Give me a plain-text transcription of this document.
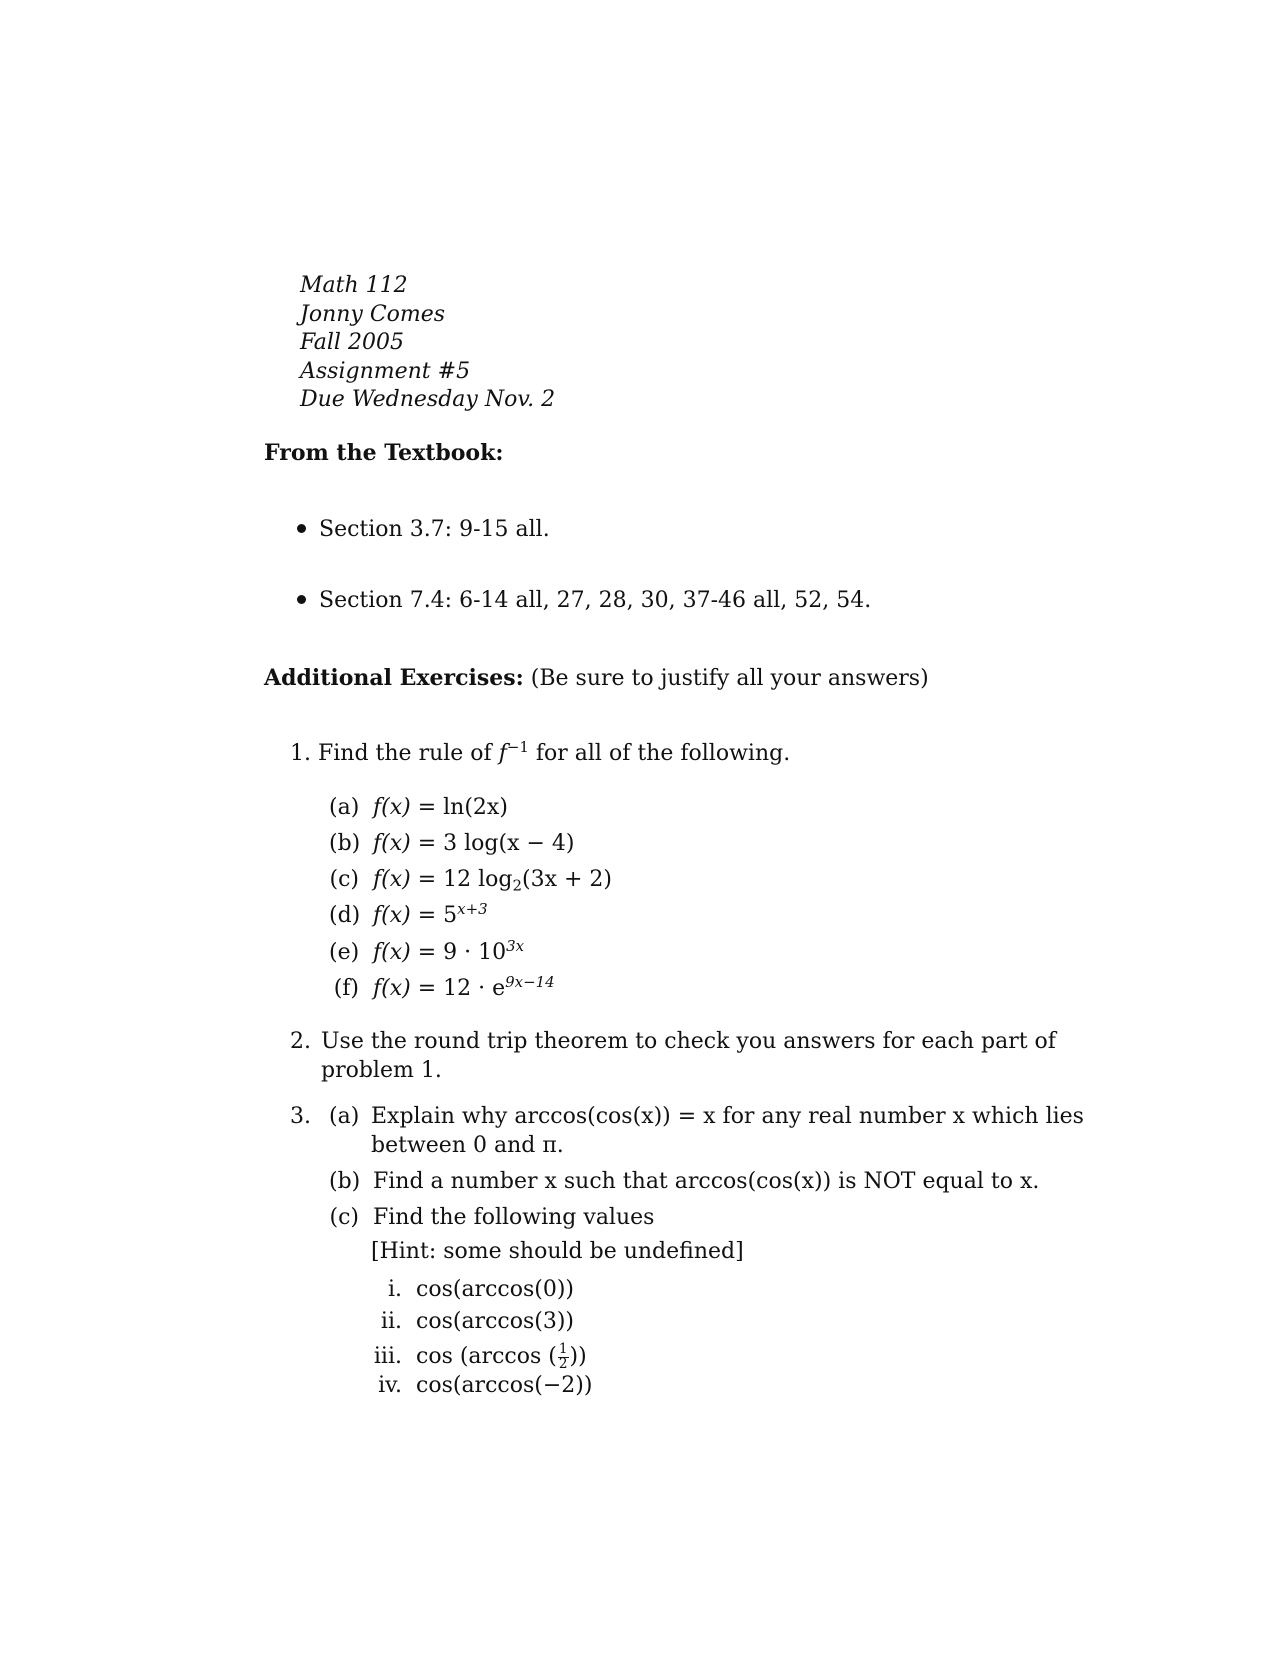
Math 112
Jonny Comes
Fall 2005
Assignment #5
Due Wednesday Nov. 2
From the Textbook:
Section 3.7: 9-15 all.
Section 7.4: 6-14 all, 27, 28, 30, 37-46 all, 52, 54.
Additional Exercises: (Be sure to justify all your answers)
1. Find the rule of $f^{-1}$ for all of the following.
(a) f(x) = ln(2x)
(b) f(x) = 3 log(x − 4)
(c) f(x) = 12 $\log_2(3x + 2)$
(d) $f(x) = 5^{x+3}$
(e) $f(x) = 9 \cdot 10^{3x}$
(f) $f(x) = 12 \cdot e^{9x-14}$
2. Use the round trip theorem to check you answers for each part of
problem 1.
3. (a) Explain why arccos(cos(x)) = x for any real number x which lies
between 0 and π.
(b) Find a number x such that arccos(cos(x)) is NOT equal to x.
(c) Find the following values
[Hint: some should be undefined]
i. cos(arccos(0))
ii. cos(arccos(3))
iii. cos (arccos ( $\frac{1}{2}$ ))
iv. cos(arccos(−2))
